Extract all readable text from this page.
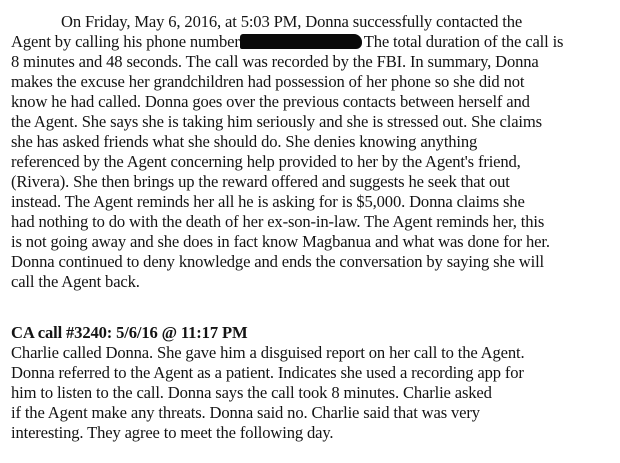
On Friday, May 6, 2016, at 5:03 PM, Donna successfully contacted the
Agent by calling his phone number	The total duration of the call is
8 minutes and 48 seconds. The call was recorded by the FBI. In summary, Donna
makes the excuse her grandchildren had possession of her phone so she did not
know he had called. Donna goes over the previous contacts between herself and
the Agent. She says she is taking him seriously and she is stressed out. She claims
she has asked friends what she should do. She denies knowing anything
referenced by the Agent concerning help provided to her by the Agent's friend,
(Rivera). She then brings up the reward offered and suggests he seek that out
instead. The Agent reminds her all he is asking for is $5,000. Donna claims she
had nothing to do with the death of her ex-son-in-law. The Agent reminds her, this
is not going away and she does in fact know Magbanua and what was done for her.
Donna continued to deny knowledge and ends the conversation by saying she will
call the Agent back.
CA call #3240: 5/6/16 @ 11:17 PM
Charlie called Donna. She gave him a disguised report on her call to the Agent.
Donna referred to the Agent as a patient. Indicates she used a recording app for
him to listen to the call. Donna says the call took 8 minutes. Charlie asked
if the Agent make any threats. Donna said no. Charlie said that was very
interesting. They agree to meet the following day.
